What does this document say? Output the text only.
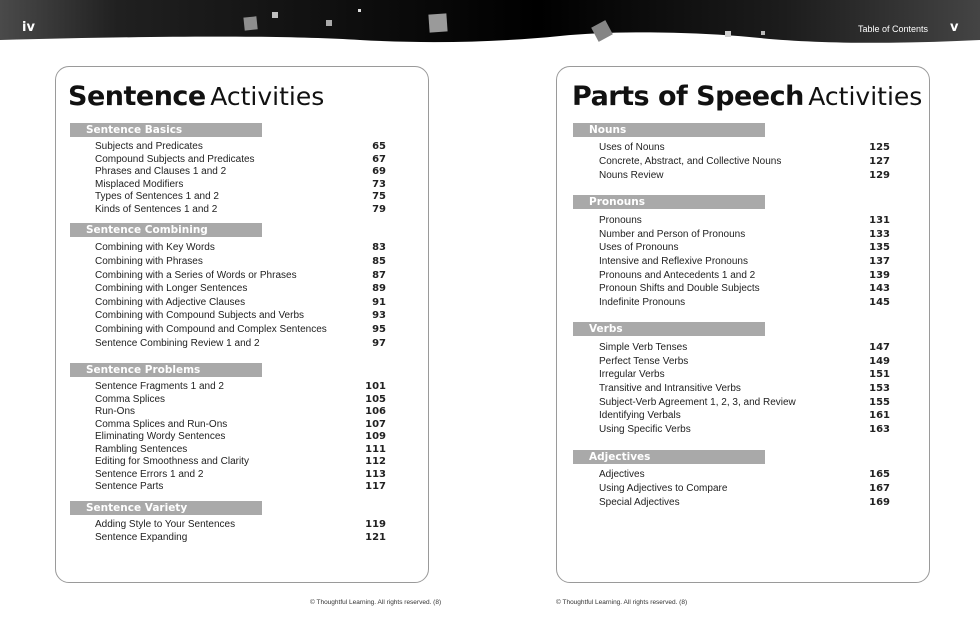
iv	Table of Contents v
Sentence Activities
Sentence Basics
Subjects and Predicates	65
Compound Subjects and Predicates	67
Phrases and Clauses 1 and 2	69
Misplaced Modifiers	73
Types of Sentences 1 and 2	75
Kinds of Sentences 1 and 2	79
Sentence Combining
Combining with Key Words	83
Combining with Phrases	85
Combining with a Series of Words or Phrases	87
Combining with Longer Sentences	89
Combining with Adjective Clauses	91
Combining with Compound Subjects and Verbs	93
Combining with Compound and Complex Sentences	95
Sentence Combining Review 1 and 2	97
Sentence Problems
Sentence Fragments 1 and 2	101
Comma Splices	105
Run-Ons	106
Comma Splices and Run-Ons	107
Eliminating Wordy Sentences	109
Rambling Sentences	111
Editing for Smoothness and Clarity	112
Sentence Errors 1 and 2	113
Sentence Parts	117
Sentence Variety
Adding Style to Your Sentences	119
Sentence Expanding	121
Parts of Speech Activities
Nouns
Uses of Nouns	125
Concrete, Abstract, and Collective Nouns	127
Nouns Review	129
Pronouns
Pronouns	131
Number and Person of Pronouns	133
Uses of Pronouns	135
Intensive and Reflexive Pronouns	137
Pronouns and Antecedents 1 and 2	139
Pronoun Shifts and Double Subjects	143
Indefinite Pronouns	145
Verbs
Simple Verb Tenses	147
Perfect Tense Verbs	149
Irregular Verbs	151
Transitive and Intransitive Verbs	153
Subject-Verb Agreement 1, 2, 3, and Review	155
Identifying Verbals	161
Using Specific Verbs	163
Adjectives
Adjectives	165
Using Adjectives to Compare	167
Special Adjectives	169
© Thoughtful Learning. All rights reserved. (8)	© Thoughtful Learning. All rights reserved. (8)
